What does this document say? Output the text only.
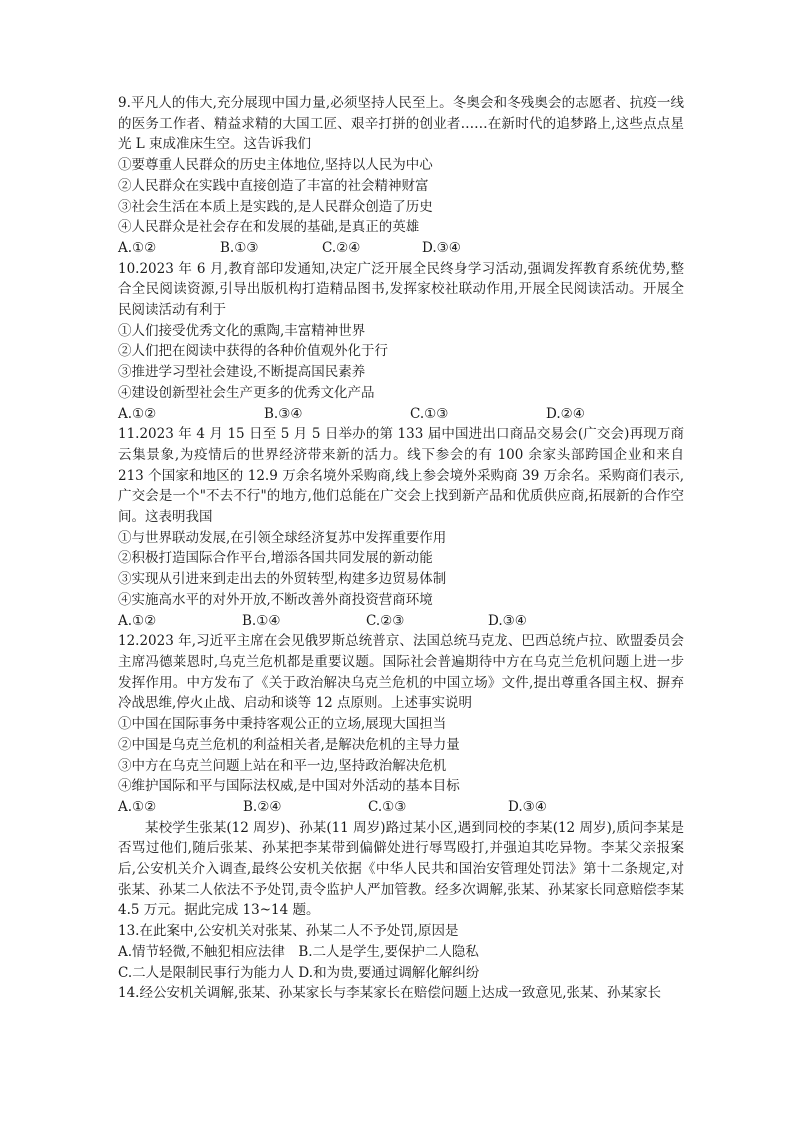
9.平凡人的伟大,充分展现中国力量,必须坚持人民至上。冬奥会和冬残奥会的志愿者、抗疫一线的医务工作者、精益求精的大国工匠、艰辛打拼的创业者……在新时代的追梦路上,这些点点星光 L 束成准床生空。这告诉我们

①要尊重人民群众的历史主体地位,坚持以人民为中心

②人民群众在实践中直接创造了丰富的社会精神财富

③社会生活在本质上是实践的,是人民群众创造了历史

④人民群众是社会存在和发展的基础,是真正的英雄

A.①②	B.①③	C.②④	D.③④

10.2023 年 6 月,教育部印发通知,决定广泛开展全民终身学习活动,强调发挥教育系统优势,整合全民阅读资源,引导出版机构打造精品图书,发挥家校社联动作用,开展全民阅读活动。开展全民阅读活动有利于

①人们接受优秀文化的熏陶,丰富精神世界

②人们把在阅读中获得的各种价值观外化于行

③推进学习型社会建设,不断提高国民素养

④建设创新型社会生产更多的优秀文化产品

A.①②	B.③④	C.①③	D.②④

11.2023 年 4 月 15 日至 5 月 5 日举办的第 133 届中国进出口商品交易会(广交会)再现万商云集景象,为疫情后的世界经济带来新的活力。线下参会的有 100 余家头部跨国企业和来自 213 个国家和地区的 12.9 万余名境外采购商,线上参会境外采购商 39 万余名。采购商们表示,广交会是一个"不去不行"的地方,他们总能在广交会上找到新产品和优质供应商,拓展新的合作空间。这表明我国

①与世界联动发展,在引领全球经济复苏中发挥重要作用

②积极打造国际合作平台,增添各国共同发展的新动能

③实现从引进来到走出去的外贸转型,构建多边贸易体制

④实施高水平的对外开放,不断改善外商投资营商环境

A.①②	B.①④	C.②③	D.③④

12.2023 年,习近平主席在会见俄罗斯总统普京、法国总统马克龙、巴西总统卢拉、欧盟委员会主席冯德莱恩时,乌克兰危机都是重要议题。国际社会普遍期待中方在乌克兰危机问题上进一步发挥作用。中方发布了《关于政治解决乌克兰危机的中国立场》文件,提出尊重各国主权、摒弃冷战思维,停火止战、启动和谈等 12 点原则。上述事实说明

①中国在国际事务中秉持客观公正的立场,展现大国担当

②中国是乌克兰危机的利益相关者,是解决危机的主导力量

③中方在乌克兰问题上站在和平一边,坚持政治解决危机

④维护国际和平与国际法权威,是中国对外活动的基本目标

A.①②	B.②④	C.①③	D.③④

某校学生张某(12 周岁)、孙某(11 周岁)路过某小区,遇到同校的李某(12 周岁),质问李某是否骂过他们,随后张某、孙某把李某带到偏僻处进行辱骂殴打,并强迫其吃异物。李某父亲报案后,公安机关介入调查,最终公安机关依据《中华人民共和国治安管理处罚法》第十二条规定,对张某、孙某二人依法不予处罚,责令监护人严加管教。经多次调解,张某、孙某家长同意赔偿李某 4.5 万元。据此完成 13~14 题。

13.在此案中,公安机关对张某、孙某二人不予处罚,原因是

A.情节轻微,不触犯相应法律　B.二人是学生,要保护二人隐私

C.二人是限制民事行为能力人 D.和为贵,要通过调解化解纠纷

14.经公安机关调解,张某、孙某家长与李某家长在赔偿问题上达成一致意见,张某、孙某家长
